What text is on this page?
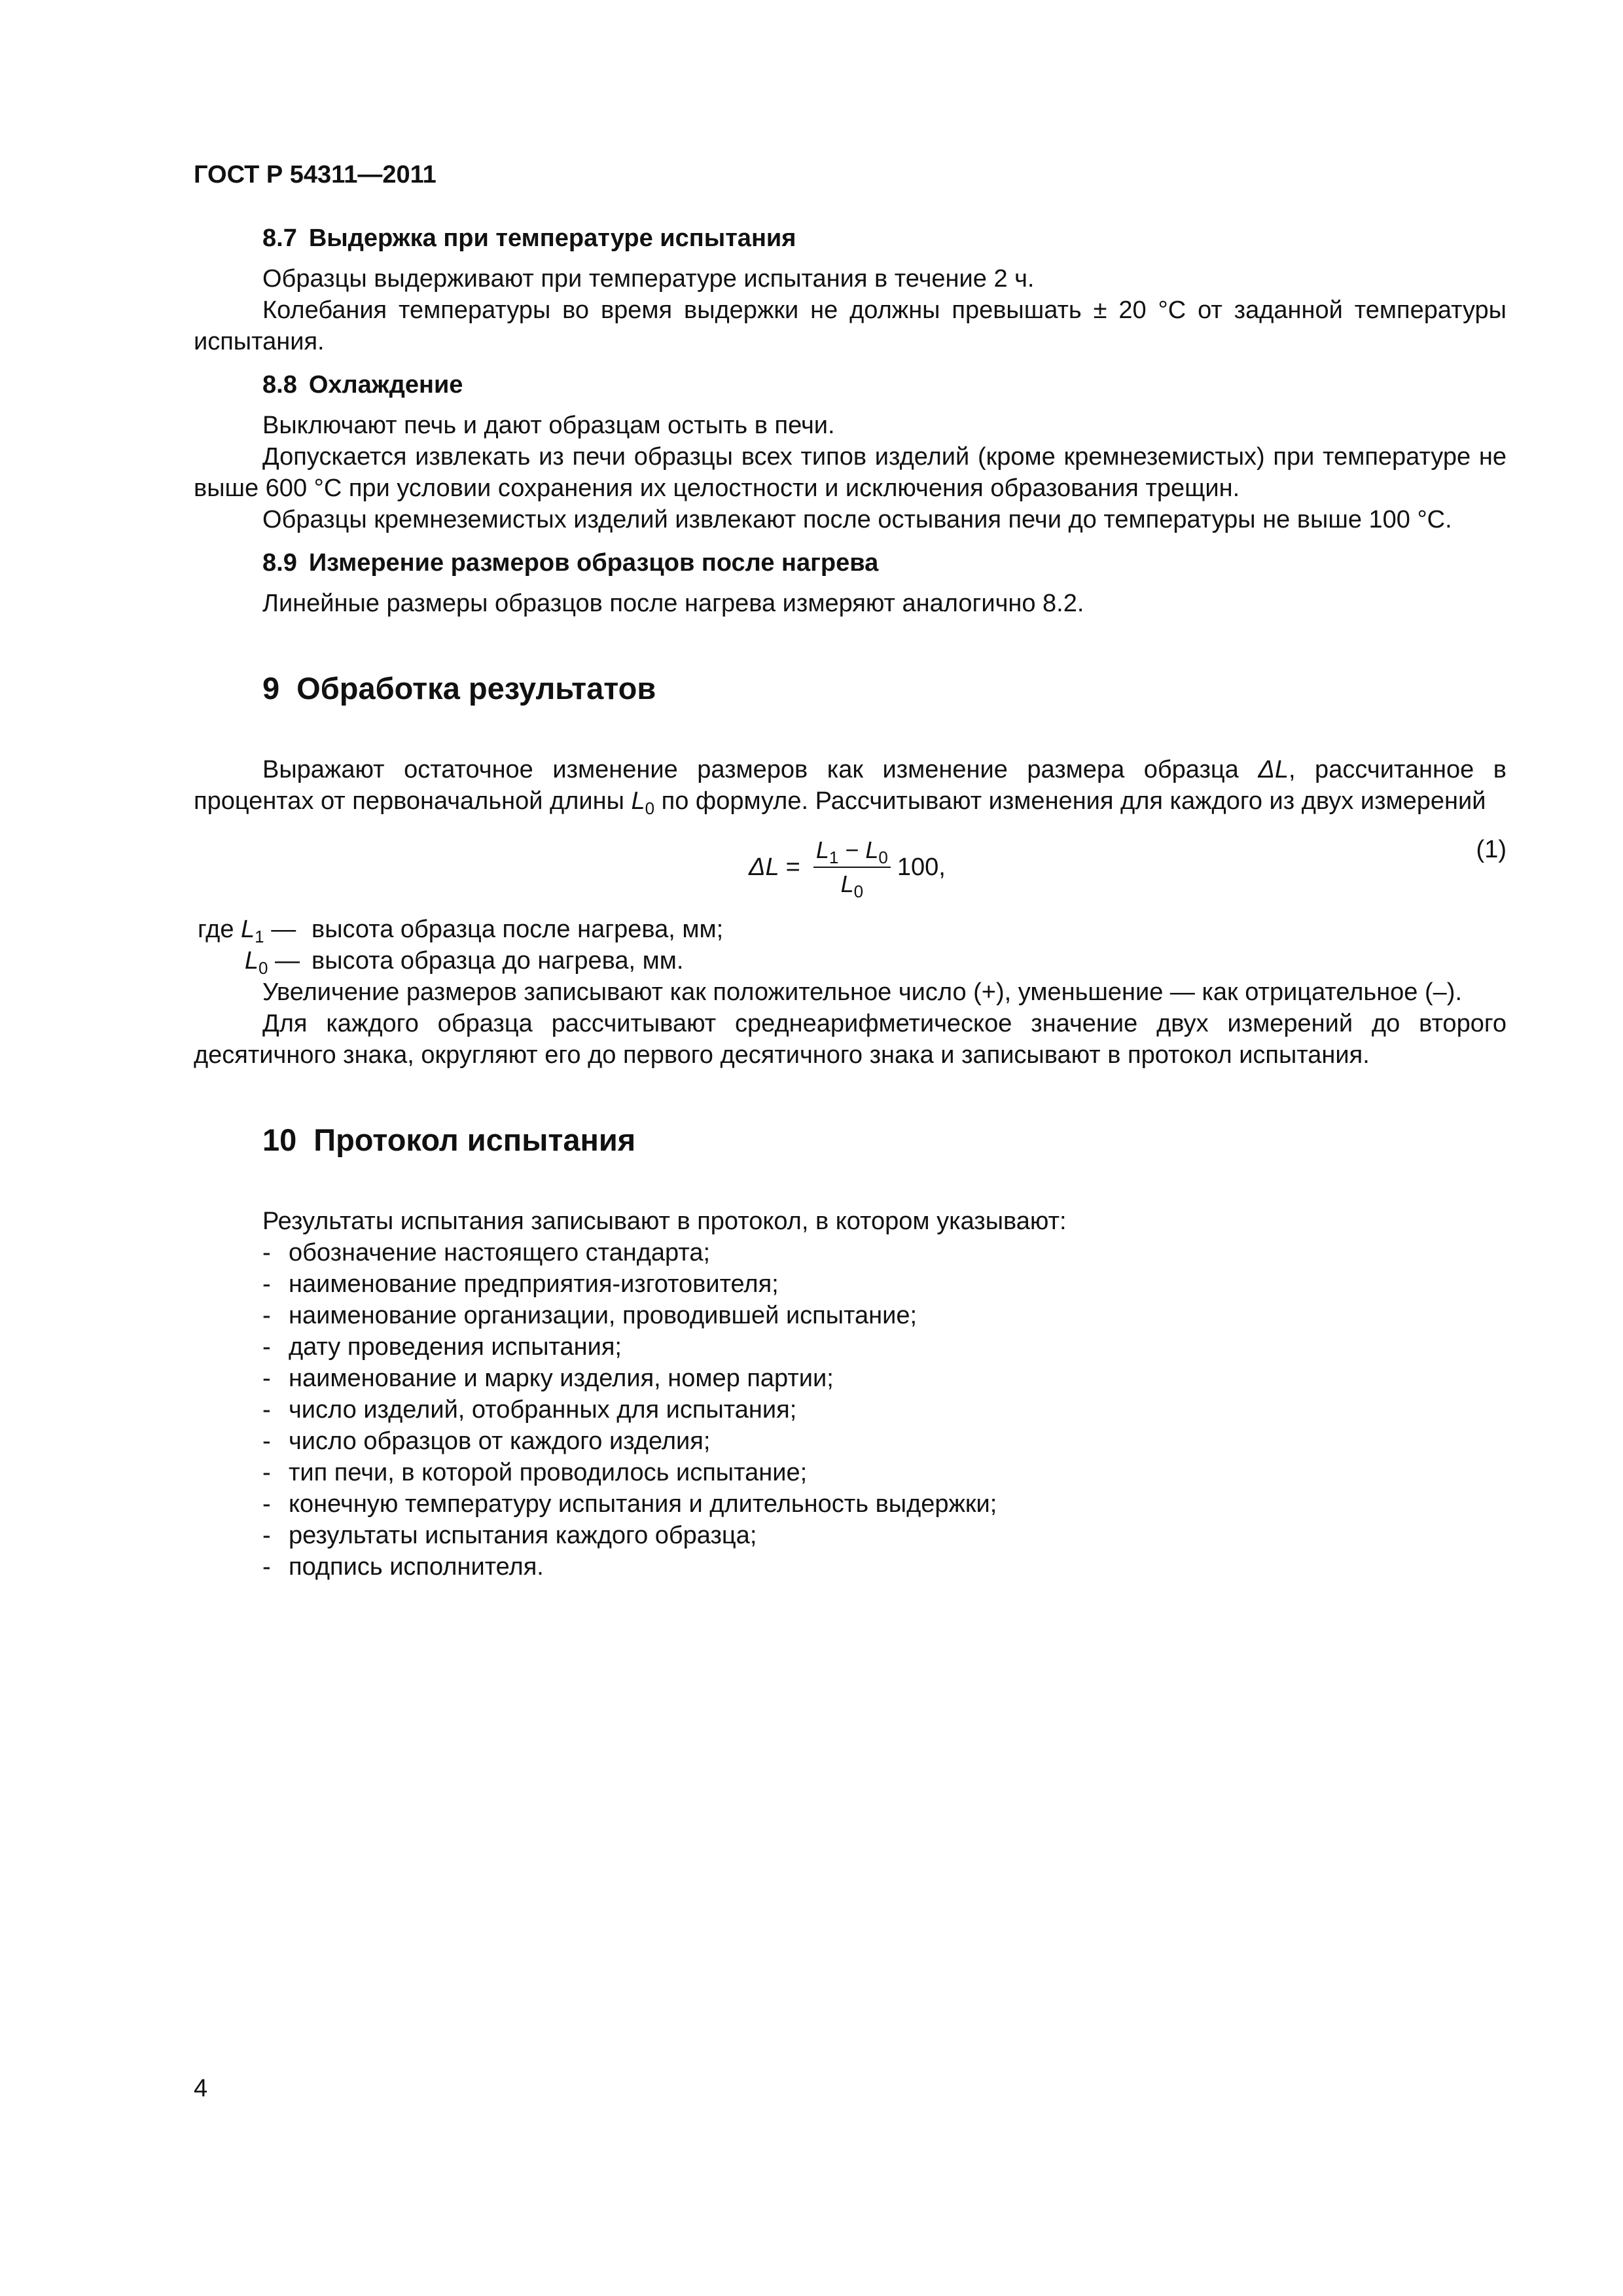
ГОСТ Р 54311—2011
8.7 Выдержка при температуре испытания

Образцы выдерживают при температуре испытания в течение 2 ч.

Колебания температуры во время выдержки не должны превышать ± 20 °С от заданной температуры испытания.

8.8 Охлаждение

Выключают печь и дают образцам остыть в печи.

Допускается извлекать из печи образцы всех типов изделий (кроме кремнеземистых) при температуре не выше 600 °С при условии сохранения их целостности и исключения образования трещин.

Образцы кремнеземистых изделий извлекают после остывания печи до температуры не выше 100 °С.

8.9 Измерение размеров образцов после нагрева

Линейные размеры образцов после нагрева измеряют аналогично 8.2.

9 Обработка результатов

Выражают остаточное изменение размеров как изменение размера образца ΔL, рассчитанное в процентах от первоначальной длины $L_0$ по формуле. Рассчитывают изменения для каждого из двух измерений

$\Delta L = \frac{L_1 - L_0}{L_0} 100$,
(1)
где $L_1$ — высота образца после нагрева, мм;
$L_0$ — высота образца до нагрева, мм.

Увеличение размеров записывают как положительное число (+), уменьшение — как отрицательное (–).

Для каждого образца рассчитывают среднеарифметическое значение двух измерений до второго десятичного знака, округляют его до первого десятичного знака и записывают в протокол испытания.

10 Протокол испытания

Результаты испытания записывают в протокол, в котором указывают:

- обозначение настоящего стандарта;
- наименование предприятия-изготовителя;
- наименование организации, проводившей испытание;
- дату проведения испытания;
- наименование и марку изделия, номер партии;
- число изделий, отобранных для испытания;
- число образцов от каждого изделия;
- тип печи, в которой проводилось испытание;
- конечную температуру испытания и длительность выдержки;
- результаты испытания каждого образца;
- подпись исполнителя.
4
